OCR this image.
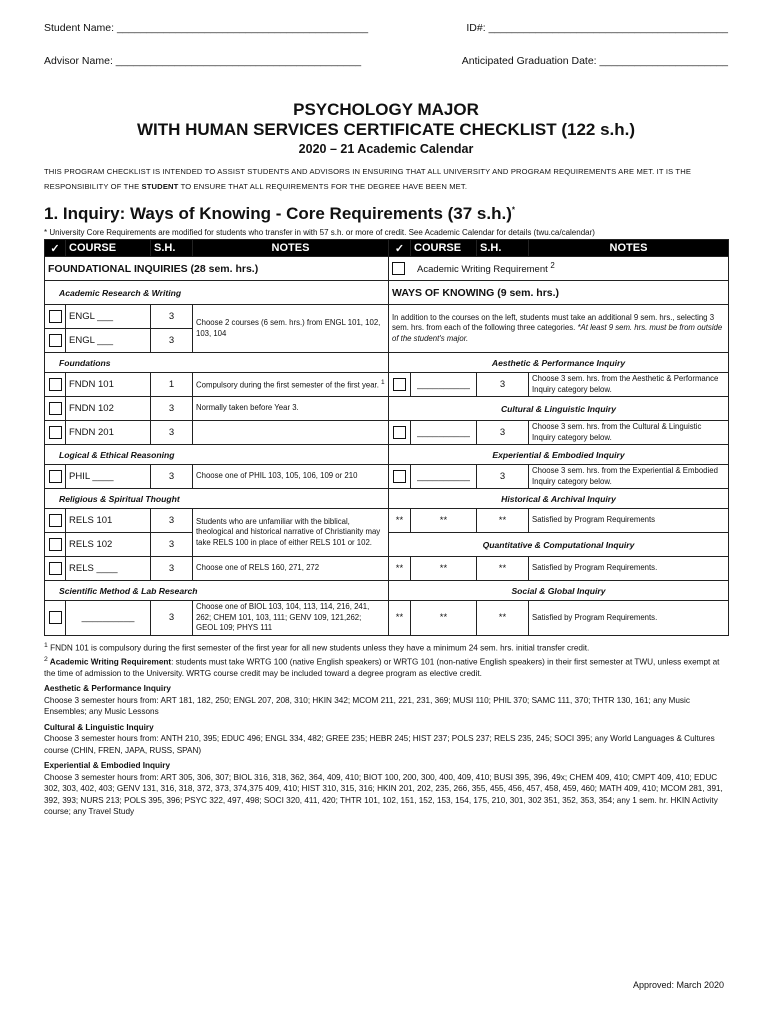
Student Name: ___________________________________________	ID#: _________________________________________
Advisor Name: __________________________________________	Anticipated Graduation Date: ______________________
PSYCHOLOGY MAJOR
WITH HUMAN SERVICES CERTIFICATE CHECKLIST (122 s.h.)
2020 – 21 Academic Calendar
THIS PROGRAM CHECKLIST IS INTENDED TO ASSIST STUDENTS AND ADVISORS IN ENSURING THAT ALL UNIVERSITY AND PROGRAM REQUIREMENTS ARE MET. IT IS THE RESPONSIBILITY OF THE STUDENT TO ENSURE THAT ALL REQUIREMENTS FOR THE DEGREE HAVE BEEN MET.
1. Inquiry: Ways of Knowing - Core Requirements (37 s.h.)*
* University Core Requirements are modified for students who transfer in with 57 s.h. or more of credit. See Academic Calendar for details (twu.ca/calendar)
✓	COURSE	S.H.	NOTES	✓	COURSE	S.H.	NOTES
FOUNDATIONAL INQUIRIES (28 sem. hrs.)				Academic Writing Requirement $^2$

Academic Research & Writing				WAYS OF KNOWING (9 sem. hrs.)			
	ENGL ___	3	Choose 2 courses (6 sem. hrs.) from ENGL 101, 102, 103, 104	In addition to the courses on the left, students must take an additional 9 sem. hrs., selecting 3 sem. hrs. from each of the following three categories. *At least 9 sem. hrs. must be from outside of the student's major.			
	ENGL ___	3					
Foundations				Aesthetic & Performance Inquiry			
	FNDN 101	1	Compulsory during the first semester of the first year. $^1$		__________	3	Choose 3 sem. hrs. from the Aesthetic & Performance Inquiry category below.
	FNDN 102	3	Normally taken before Year 3.	Cultural & Linguistic Inquiry			
	FNDN 201	3			__________	3	Choose 3 sem. hrs. from the Cultural & Linguistic Inquiry category below.
Logical & Ethical Reasoning				Experiential & Embodied Inquiry			
	PHIL ____	3	Choose one of PHIL 103, 105, 106, 109 or 210		__________	3	Choose 3 sem. hrs. from the Experiential & Embodied Inquiry category below.
Religious & Spiritual Thought				Historical & Archival Inquiry			
	RELS 101	3	Students who are unfamiliar with the biblical, theological and historical narrative of Christianity may take RELS 100 in place of either RELS 101 or 102.	**	**	**	Satisfied by Program Requirements
	RELS 102	3		Quantitative & Computational Inquiry			
	RELS ____	3	Choose one of RELS 160, 271, 272	**	**	**	Satisfied by Program Requirements.
Scientific Method & Lab Research				Social & Global Inquiry			
	__________	3	Choose one of BIOL 103, 104, 113, 114, 216, 241, 262; CHEM 101, 103, 111; GENV 109, 121,262; GEOL 109; PHYS 111	**	**	**	Satisfied by Program Requirements.

$^1$ FNDN 101 is compulsory during the first semester of the first year for all new students unless they have a minimum 24 sem. hrs. initial transfer credit.

$^2$ Academic Writing Requirement: students must take WRTG 100 (native English speakers) or WRTG 101 (non-native English speakers) in their first semester at TWU, unless exempt at the time of admission to the University. WRTG course credit may be included toward a degree program as elective credit.

Aesthetic & Performance Inquiry

Choose 3 semester hours from: ART 181, 182, 250; ENGL 207, 208, 310; HKIN 342; MCOM 211, 221, 231, 369; MUSI 110; PHIL 370; SAMC 111, 370; THTR 130, 161; any Music Ensembles; any Music Lessons

Cultural & Linguistic Inquiry

Choose 3 semester hours from: ANTH 210, 395; EDUC 496; ENGL 334, 482; GREE 235; HEBR 245; HIST 237; POLS 237; RELS 235, 245; SOCI 395; any World Languages & Cultures course (CHIN, FREN, JAPA, RUSS, SPAN)

Experiential & Embodied Inquiry

Choose 3 semester hours from: ART 305, 306, 307; BIOL 316, 318, 362, 364, 409, 410; BIOT 100, 200, 300, 400, 409, 410; BUSI 395, 396, 49x; CHEM 409, 410; CMPT 409, 410; EDUC 302, 303, 402, 403; GENV 131, 316, 318, 372, 373, 374,375 409, 410; HIST 310, 315, 316; HKIN 201, 202, 235, 266, 355, 455, 456, 457, 458, 459, 460; MATH 409, 410; MCOM 281, 391, 392, 393; NURS 213; POLS 395, 396; PSYC 322, 497, 498; SOCI 320, 411, 420; THTR 101, 102, 151, 152, 153, 154, 175, 210, 301, 302 351, 352, 353, 354; any 1 sem. hr. HKIN Activity course; any Travel Study

Approved: March 2020
